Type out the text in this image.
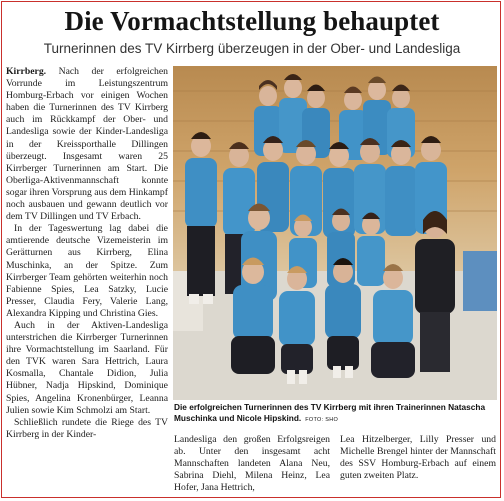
Die Vormachtstellung behauptet
Turnerinnen des TV Kirrberg überzeugen in der Ober- und Landesliga

Kirrberg. Nach der erfolgreichen Vorrunde im Leistungszentrum Homburg-Erbach vor einigen Wochen haben die Turnerinnen des TV Kirrberg auch im Rückkampf der Ober- und Landesliga sowie der Kinder-Landesliga in der Kreissporthalle Dillingen überzeugt. Insgesamt waren 25 Kirrberger Turnerinnen am Start. Die Oberliga-Aktivenmannschaft konnte sogar ihren Vorsprung aus dem Hinkampf noch ausbauen und gewann deutlich vor dem TV Dillingen und TV Erbach.

In der Tageswertung lag dabei die amtierende deutsche Vizemeisterin im Gerätturnen aus Kirrberg, Elina Muschinka, an der Spitze. Zum Kirrberger Team gehörten weiterhin noch Fabienne Spies, Lea Satzky, Lucie Presser, Claudia Fery, Valerie Lang, Alexandra Kipping und Christina Gies.

Auch in der Aktiven-Landesliga unterstrichen die Kirrberger Turnerinnen ihre Vormachtstellung im Saarland. Für den TVK waren Sara Hettrich, Laura Kosmalla, Chantale Didion, Julia Hübner, Nadja Hipskind, Dominique Spies, Angelina Kronenbürger, Leanna Julien sowie Kim Schmolzi am Start.

Schließlich rundete die Riege des TV Kirrberg in der Kinder-

Die erfolgreichen Turnerinnen des TV Kirrberg mit ihren Trainerinnen Natascha Muschinka und Nicole Hipskind. FOTO: SHO

Landesliga den großen Erfolgsreigen ab. Unter den insgesamt acht Mannschaften landeten Alana Neu, Sabrina Diehl, Milena Heinz, Lea Hofer, Jana Hettrich,

Lea Hitzelberger, Lilly Presser und Michelle Brengel hinter der Mannschaft des SSV Homburg-Erbach auf einem guten zweiten Platz.
